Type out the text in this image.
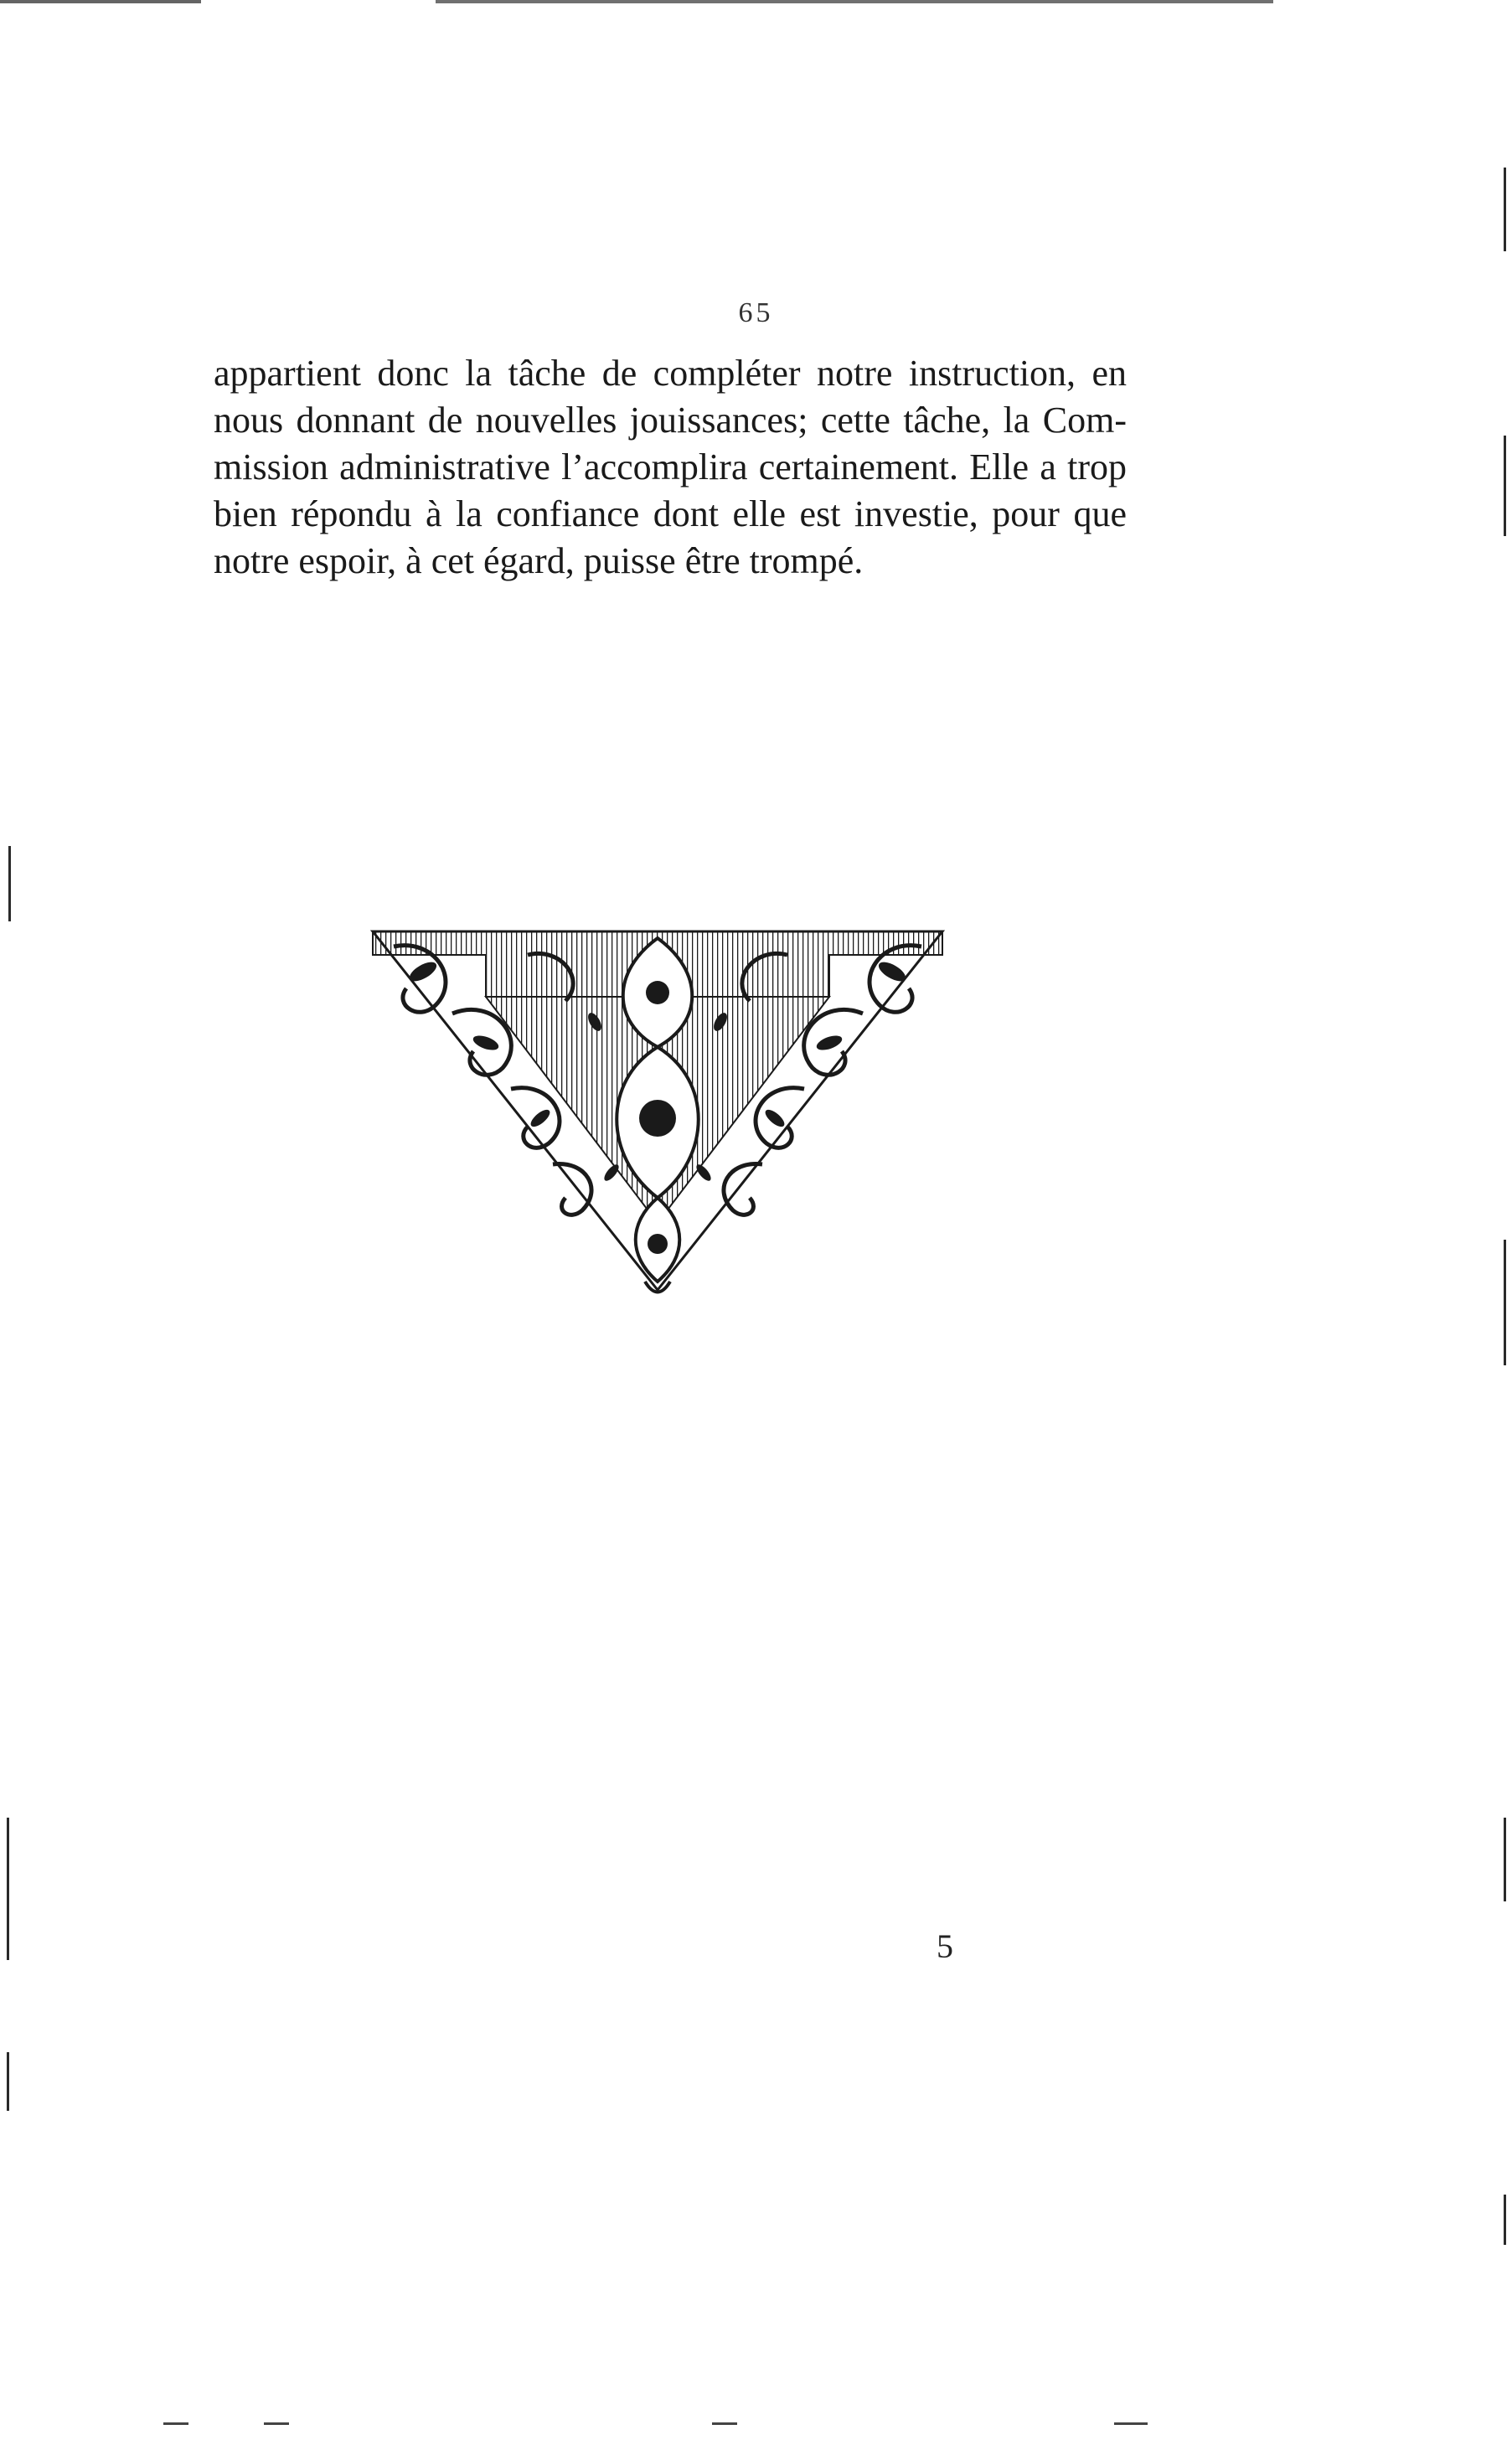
65

appartient donc la tâche de compléter notre instruction, en
nous donnant de nouvelles jouissances; cette tâche, la Com-
mission administrative l’accomplira certainement. Elle a trop
bien répondu à la confiance dont elle est investie, pour que
notre espoir, à cet égard, puisse être trompé.

5
